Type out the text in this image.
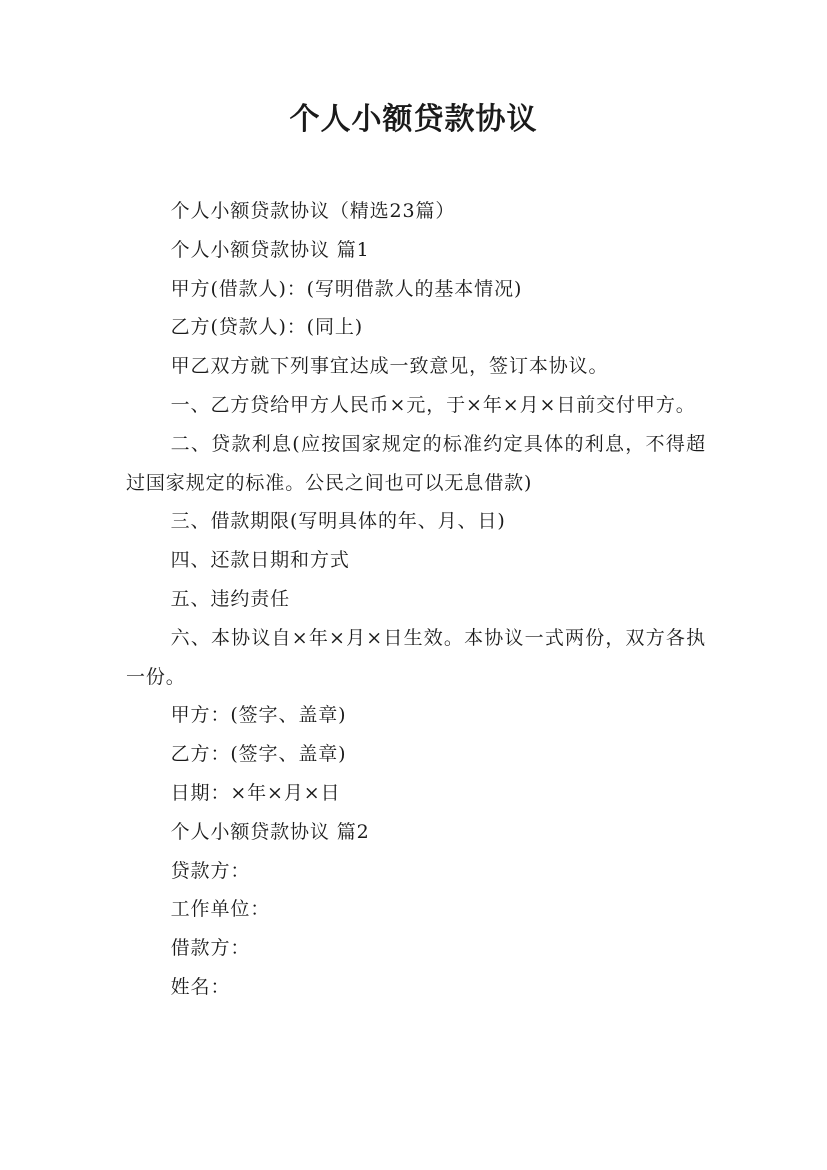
个人小额贷款协议

个人小额贷款协议（精选23篇）

个人小额贷款协议 篇1

甲方(借款人)：(写明借款人的基本情况)

乙方(贷款人)：(同上)

甲乙双方就下列事宜达成一致意见，签订本协议。

一、乙方贷给甲方人民币×元，于×年×月×日前交付甲方。

二、贷款利息(应按国家规定的标准约定具体的利息，不得超过国家规定的标准。公民之间也可以无息借款)

三、借款期限(写明具体的年、月、日)

四、还款日期和方式

五、违约责任

六、本协议自×年×月×日生效。本协议一式两份，双方各执一份。

甲方：(签字、盖章)

乙方：(签字、盖章)

日期：×年×月×日

个人小额贷款协议 篇2

贷款方：

工作单位：

借款方：

姓名：
